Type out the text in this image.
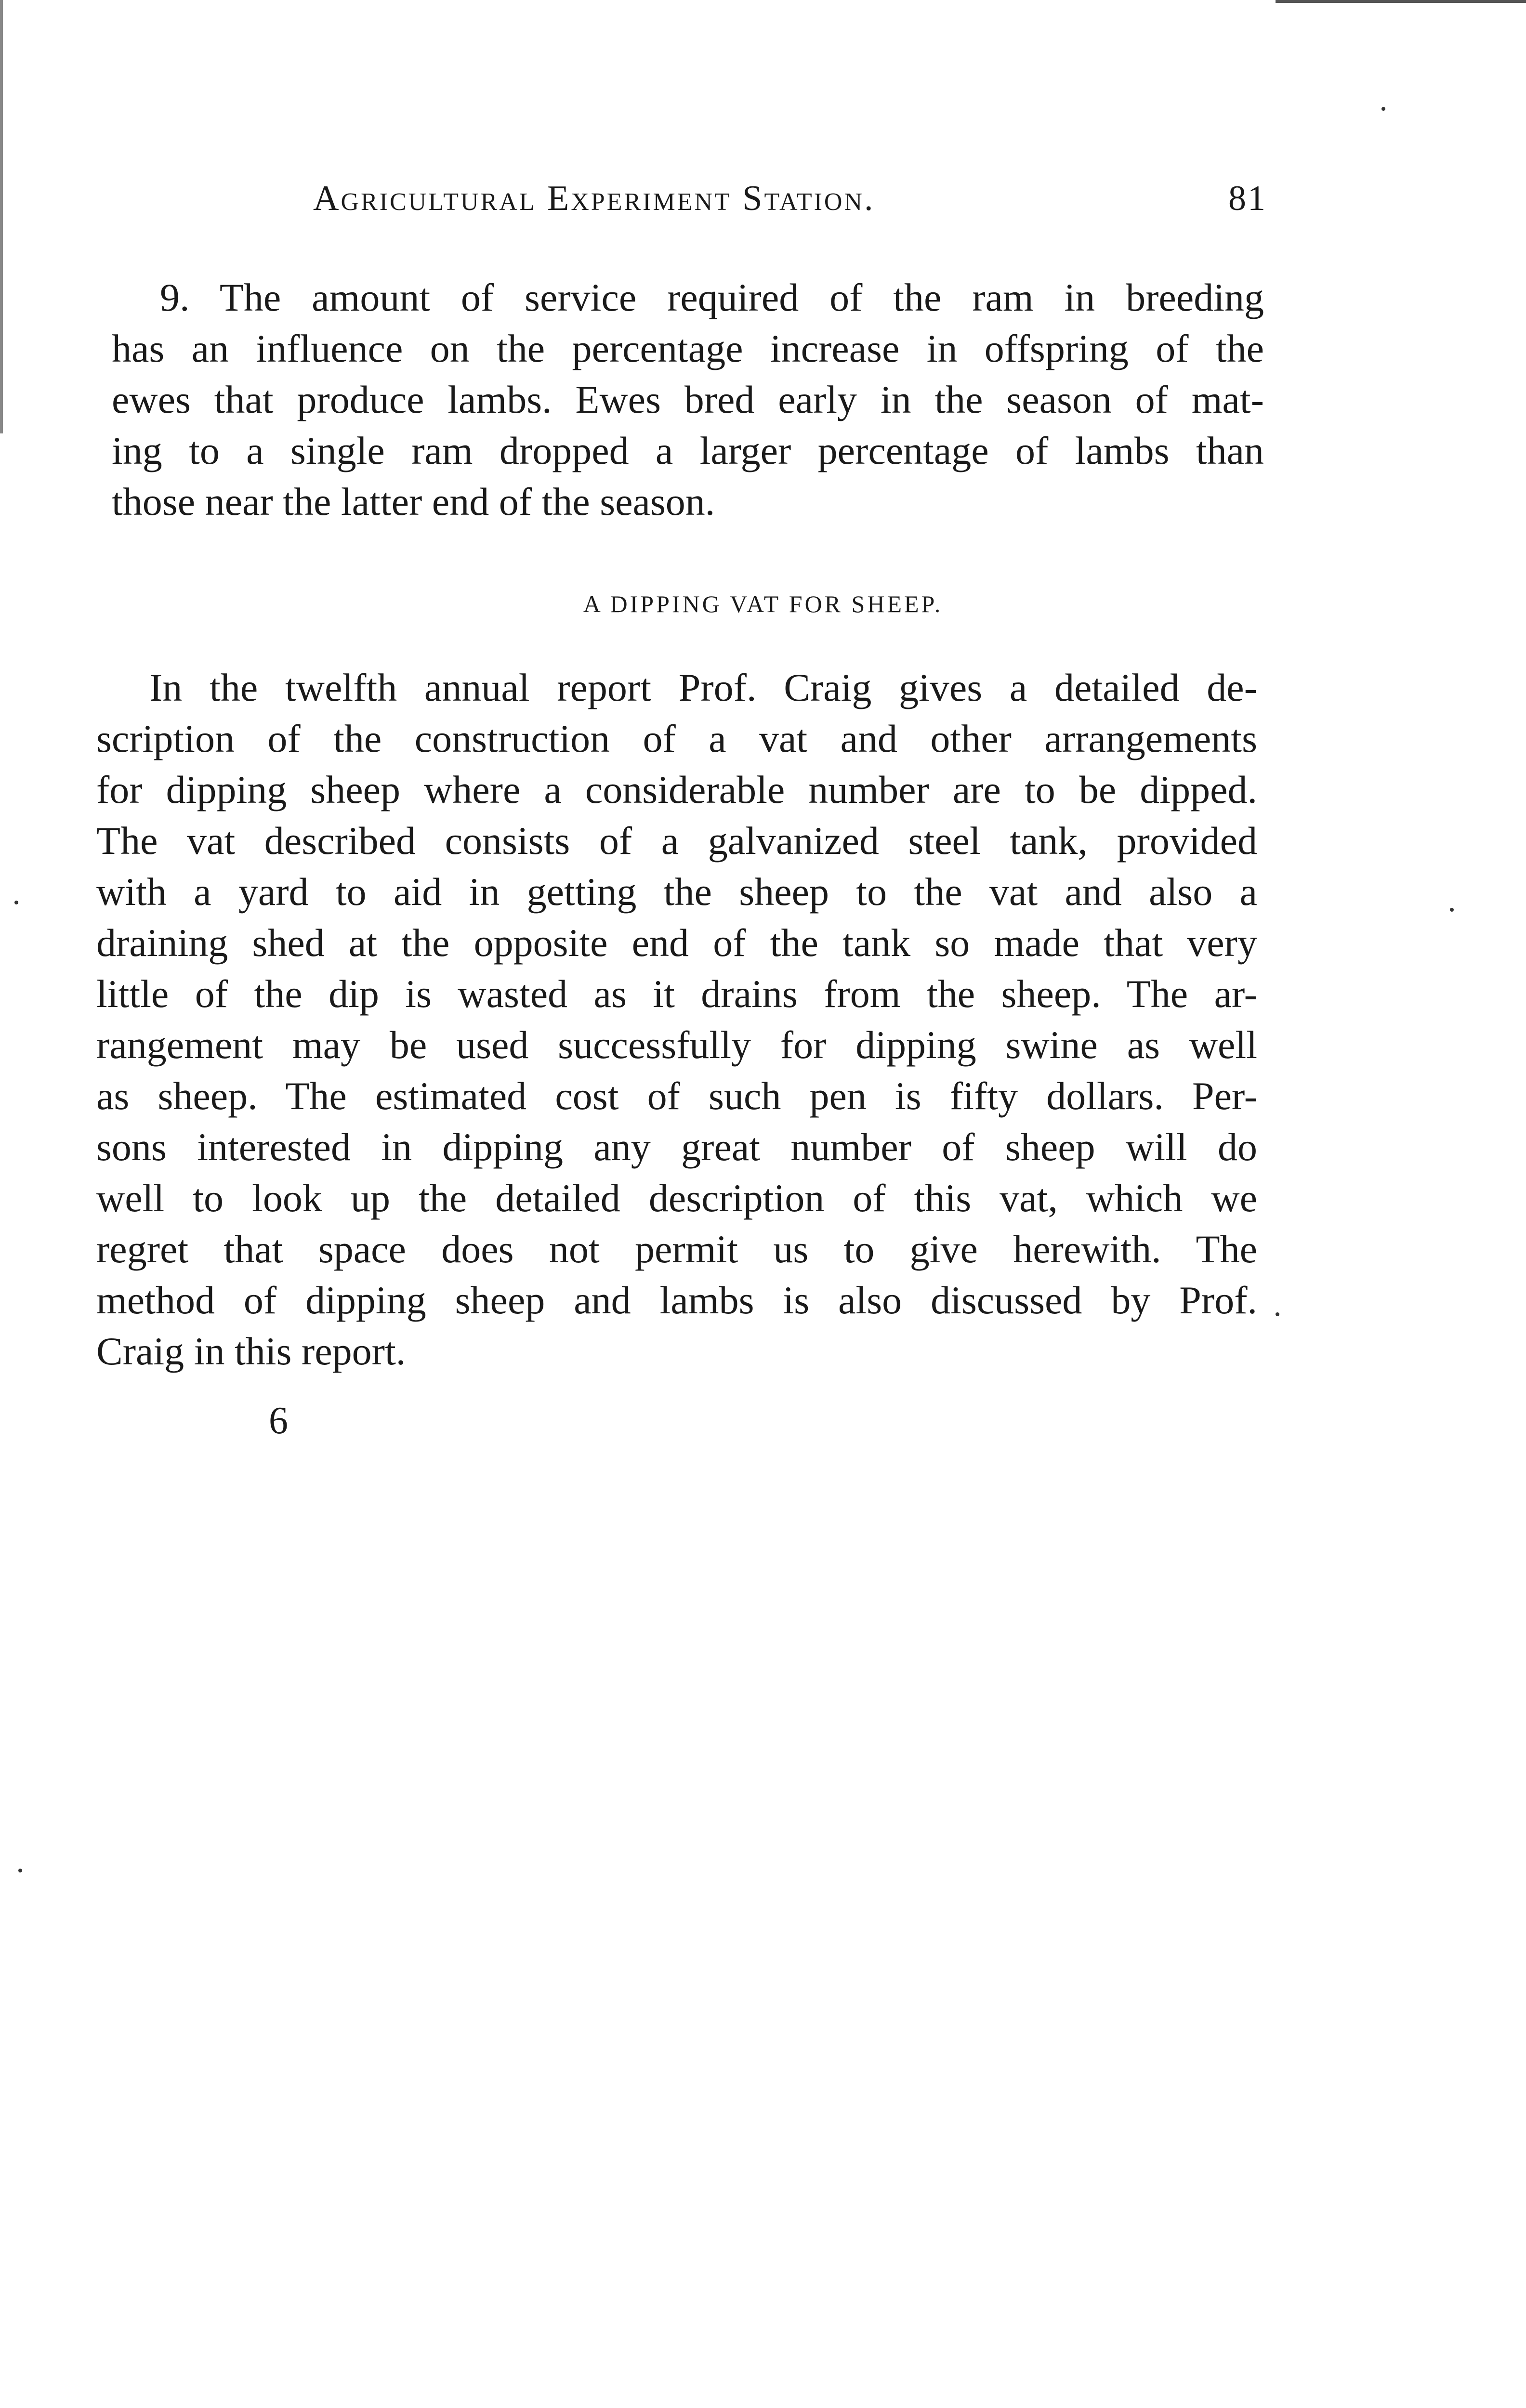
Agricultural Experiment Station.	81
9. The amount of service required of the ram in breeding
has an influence on the percentage increase in offspring of the
ewes that produce lambs. Ewes bred early in the season of mat-
ing to a single ram dropped a larger percentage of lambs than
those near the latter end of the season.
A DIPPING VAT FOR SHEEP.
In the twelfth annual report Prof. Craig gives a detailed de-
scription of the construction of a vat and other arrangements
for dipping sheep where a considerable number are to be dipped.
The vat described consists of a galvanized steel tank, provided
with a yard to aid in getting the sheep to the vat and also a
draining shed at the opposite end of the tank so made that very
little of the dip is wasted as it drains from the sheep. The ar-
rangement may be used successfully for dipping swine as well
as sheep. The estimated cost of such pen is fifty dollars. Per-
sons interested in dipping any great number of sheep will do
well to look up the detailed description of this vat, which we
regret that space does not permit us to give herewith. The
method of dipping sheep and lambs is also discussed by Prof.
Craig in this report.
6
